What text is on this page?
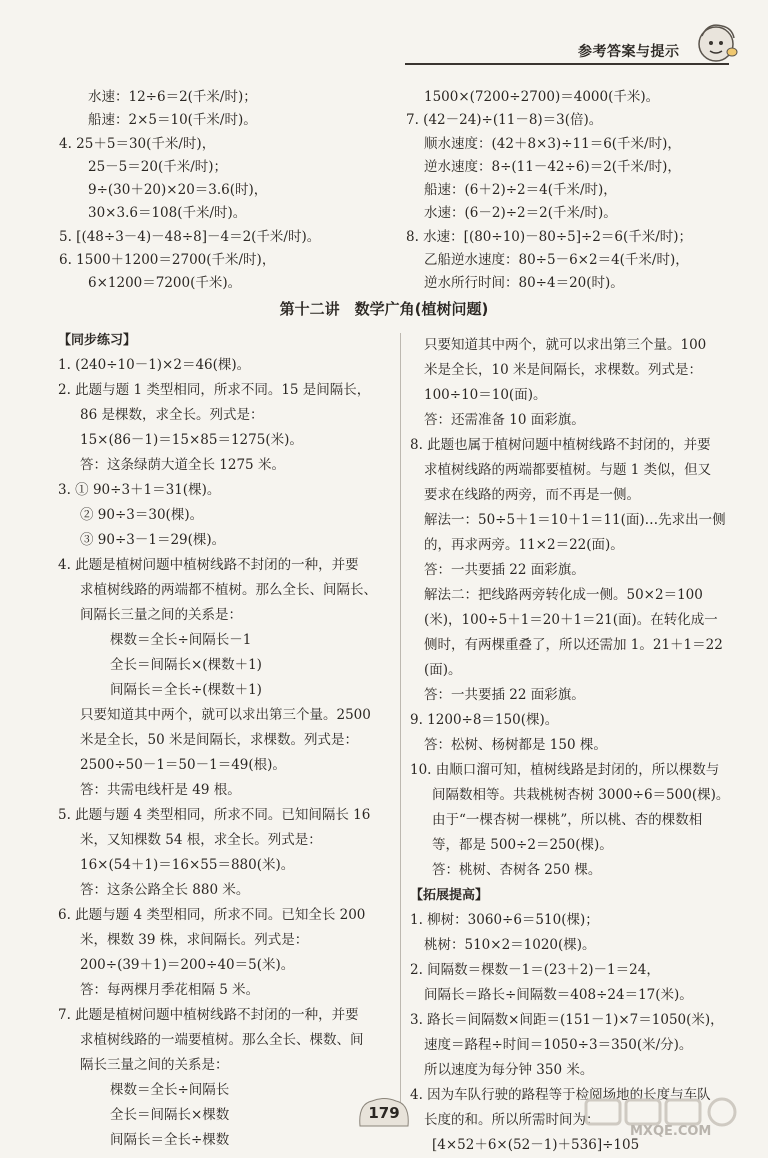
参考答案与提示
水速：12÷6＝2(千米/时)；
船速：2×5＝10(千米/时)。
4. 25＋5＝30(千米/时)，
25－5＝20(千米/时)；
9÷(30＋20)×20＝3.6(时)，
30×3.6＝108(千米/时)。
5. [(48÷3－4)－48÷8]－4＝2(千米/时)。
6. 1500＋1200＝2700(千米/时)，
6×1200＝7200(千米)。
1500×(7200÷2700)＝4000(千米)。
7. (42－24)÷(11－8)＝3(倍)。
顺水速度：(42＋8×3)÷11＝6(千米/时)，
逆水速度：8÷(11－42÷6)＝2(千米/时)，
船速：(6＋2)÷2＝4(千米/时)，
水速：(6－2)÷2＝2(千米/时)。
8. 水速：[(80÷10)－80÷5]÷2＝6(千米/时)；
乙船逆水速度：80÷5－6×2＝4(千米/时)，
逆水所行时间：80÷4＝20(时)。
第十二讲　数学广角(植树问题)
【同步练习】
1. (240÷10－1)×2＝46(棵)。
2. 此题与题 1 类型相同，所求不同。15 是间隔长，
86 是棵数，求全长。列式是：
15×(86－1)＝15×85＝1275(米)。
答：这条绿荫大道全长 1275 米。
3. ① 90÷3＋1＝31(棵)。
② 90÷3＝30(棵)。
③ 90÷3－1＝29(棵)。
4. 此题是植树问题中植树线路不封闭的一种，并要
求植树线路的两端都不植树。那么全长、间隔长、
间隔长三量之间的关系是：
棵数＝全长÷间隔长－1
全长＝间隔长×(棵数＋1)
间隔长＝全长÷(棵数＋1)
只要知道其中两个，就可以求出第三个量。2500
米是全长，50 米是间隔长，求棵数。列式是：
2500÷50－1＝50－1＝49(根)。
答：共需电线杆是 49 根。
5. 此题与题 4 类型相同，所求不同。已知间隔长 16
米，又知棵数 54 根，求全长。列式是：
16×(54＋1)＝16×55＝880(米)。
答：这条公路全长 880 米。
6. 此题与题 4 类型相同，所求不同。已知全长 200
米，棵数 39 株，求间隔长。列式是：
200÷(39＋1)＝200÷40＝5(米)。
答：每两棵月季花相隔 5 米。
7. 此题是植树问题中植树线路不封闭的一种，并要
求植树线路的一端要植树。那么全长、棵数、间
隔长三量之间的关系是：
棵数＝全长÷间隔长
全长＝间隔长×棵数
间隔长＝全长÷棵数
只要知道其中两个，就可以求出第三个量。100
米是全长，10 米是间隔长，求棵数。列式是：
100÷10＝10(面)。
答：还需准备 10 面彩旗。
8. 此题也属于植树问题中植树线路不封闭的，并要
求植树线路的两端都要植树。与题 1 类似，但又
要求在线路的两旁，而不再是一侧。
解法一：50÷5＋1＝10＋1＝11(面)…先求出一侧
的，再求两旁。11×2＝22(面)。
答：一共要插 22 面彩旗。
解法二：把线路两旁转化成一侧。50×2＝100
(米)，100÷5＋1＝20＋1＝21(面)。在转化成一
侧时，有两棵重叠了，所以还需加 1。21＋1＝22
(面)。
答：一共要插 22 面彩旗。
9. 1200÷8＝150(棵)。
答：松树、杨树都是 150 棵。
10. 由顺口溜可知，植树线路是封闭的，所以棵数与
间隔数相等。共栽桃树杏树 3000÷6＝500(棵)。
由于“一棵杏树一棵桃”，所以桃、杏的棵数相
等，都是 500÷2＝250(棵)。
答：桃树、杏树各 250 棵。
【拓展提高】
1. 柳树：3060÷6＝510(棵)；
桃树：510×2＝1020(棵)。
2. 间隔数＝棵数－1＝(23＋2)－1＝24，
间隔长＝路长÷间隔数＝408÷24＝17(米)。
3. 路长＝间隔数×间距＝(151－1)×7＝1050(米)，
速度＝路程÷时间＝1050÷3＝350(米/分)。
所以速度为每分钟 350 米。
4. 因为车队行驶的路程等于检阅场地的长度与车队
长度的和。所以所需时间为：
[4×52＋6×(52－1)＋536]÷105
179
MXQE.COM
